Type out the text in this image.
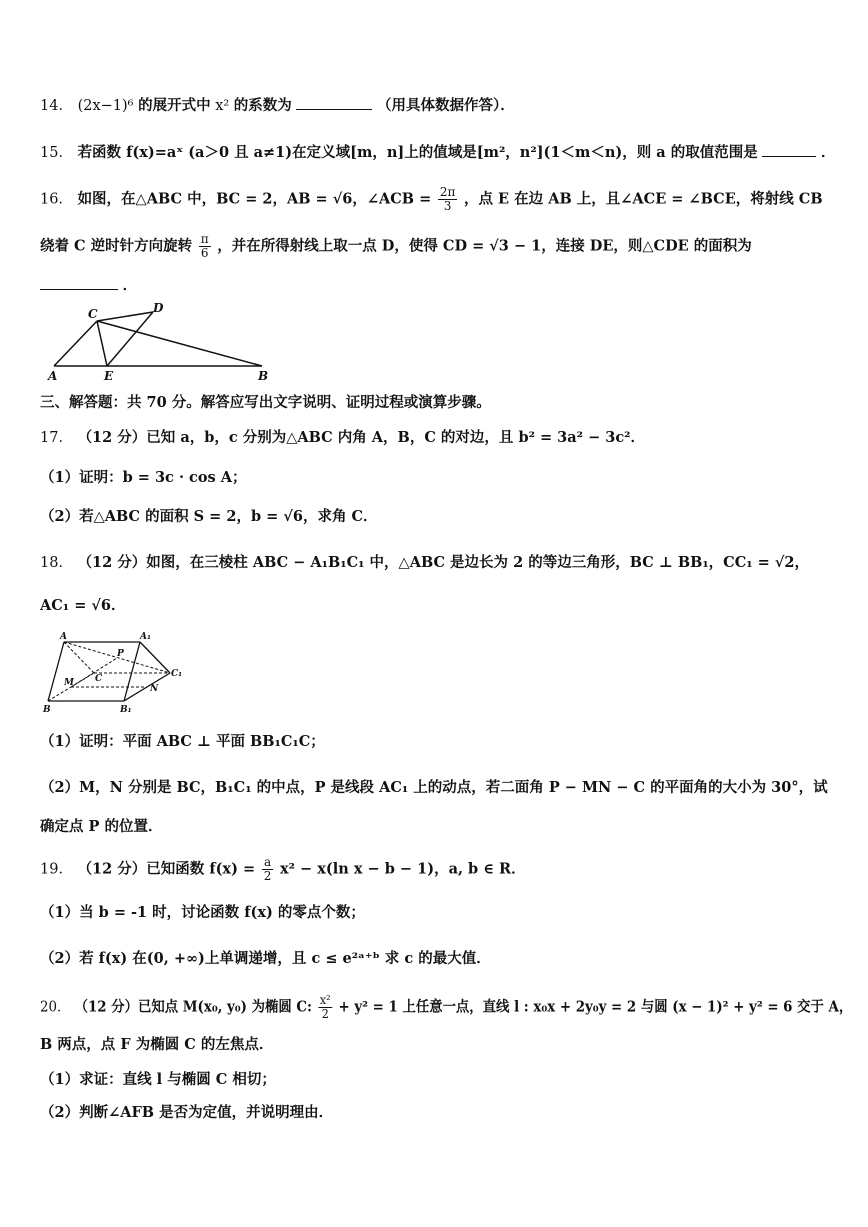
14． (2x−1)⁶ 的展开式中 x² 的系数为	（用具体数据作答）．
15． 若函数 f(x)=aˣ (a＞0 且 a≠1)在定义域[m，n]上的值域是[m²，n²](1＜m＜n)，则 a 的取值范围是	．
16． 如图，在△ABC 中，BC = 2，AB = √6，∠ACB = $\frac{2\pi}{3}$ ，点 E 在边 AB 上，且∠ACE = ∠BCE，将射线 CB
绕着 C 逆时针方向旋转 $\frac{\pi}{6}$ ，并在所得射线上取一点 D，使得 CD = √3 − 1，连接 DE，则△CDE 的面积为
．
C	D
A	E	B
三、解答题：共 70 分。解答应写出文字说明、证明过程或演算步骤。
17． （12 分）已知 a，b，c 分别为△ABC 内角 A，B，C 的对边，且 b² = 3a² − 3c²．
（1）证明：b = 3c · cos A；
（2）若△ABC 的面积 S = 2，b = √6，求角 C．
18． （12 分）如图，在三棱柱 ABC − A₁B₁C₁ 中，△ABC 是边长为 2 的等边三角形，BC ⊥ BB₁，CC₁ = √2，
AC₁ = √6．
A	A₁
P
C₁
M C
N
B	B₁
（1）证明：平面 ABC ⊥ 平面 BB₁C₁C；
（2）M，N 分别是 BC，B₁C₁ 的中点，P 是线段 AC₁ 上的动点，若二面角 P − MN − C 的平面角的大小为 30°，试
确定点 P 的位置．
19． （12 分）已知函数 $f(x) = \frac{a}{2} x^2 - x(\ln$ x − b − 1)，a, b ∈ R．
（1）当 b = -1 时，讨论函数 f(x) 的零点个数；
（2）若 f(x) 在(0, +∞)上单调递增，且 c ≤ e²ᵃ⁺ᵇ 求 c 的最大值．
20． （12 分）已知点 M(x₀, y₀) 为椭圆 C: $\frac{\text{x²}}{2} + y^2 = 1$ 上任意一点，直线 l : x₀x + 2y₀y = 2 与圆 (x − 1)² + y² = 6 交于 A，
B 两点，点 F 为椭圆 C 的左焦点．
（1）求证：直线 l 与椭圆 C 相切；
（2）判断∠AFB 是否为定值，并说明理由．
